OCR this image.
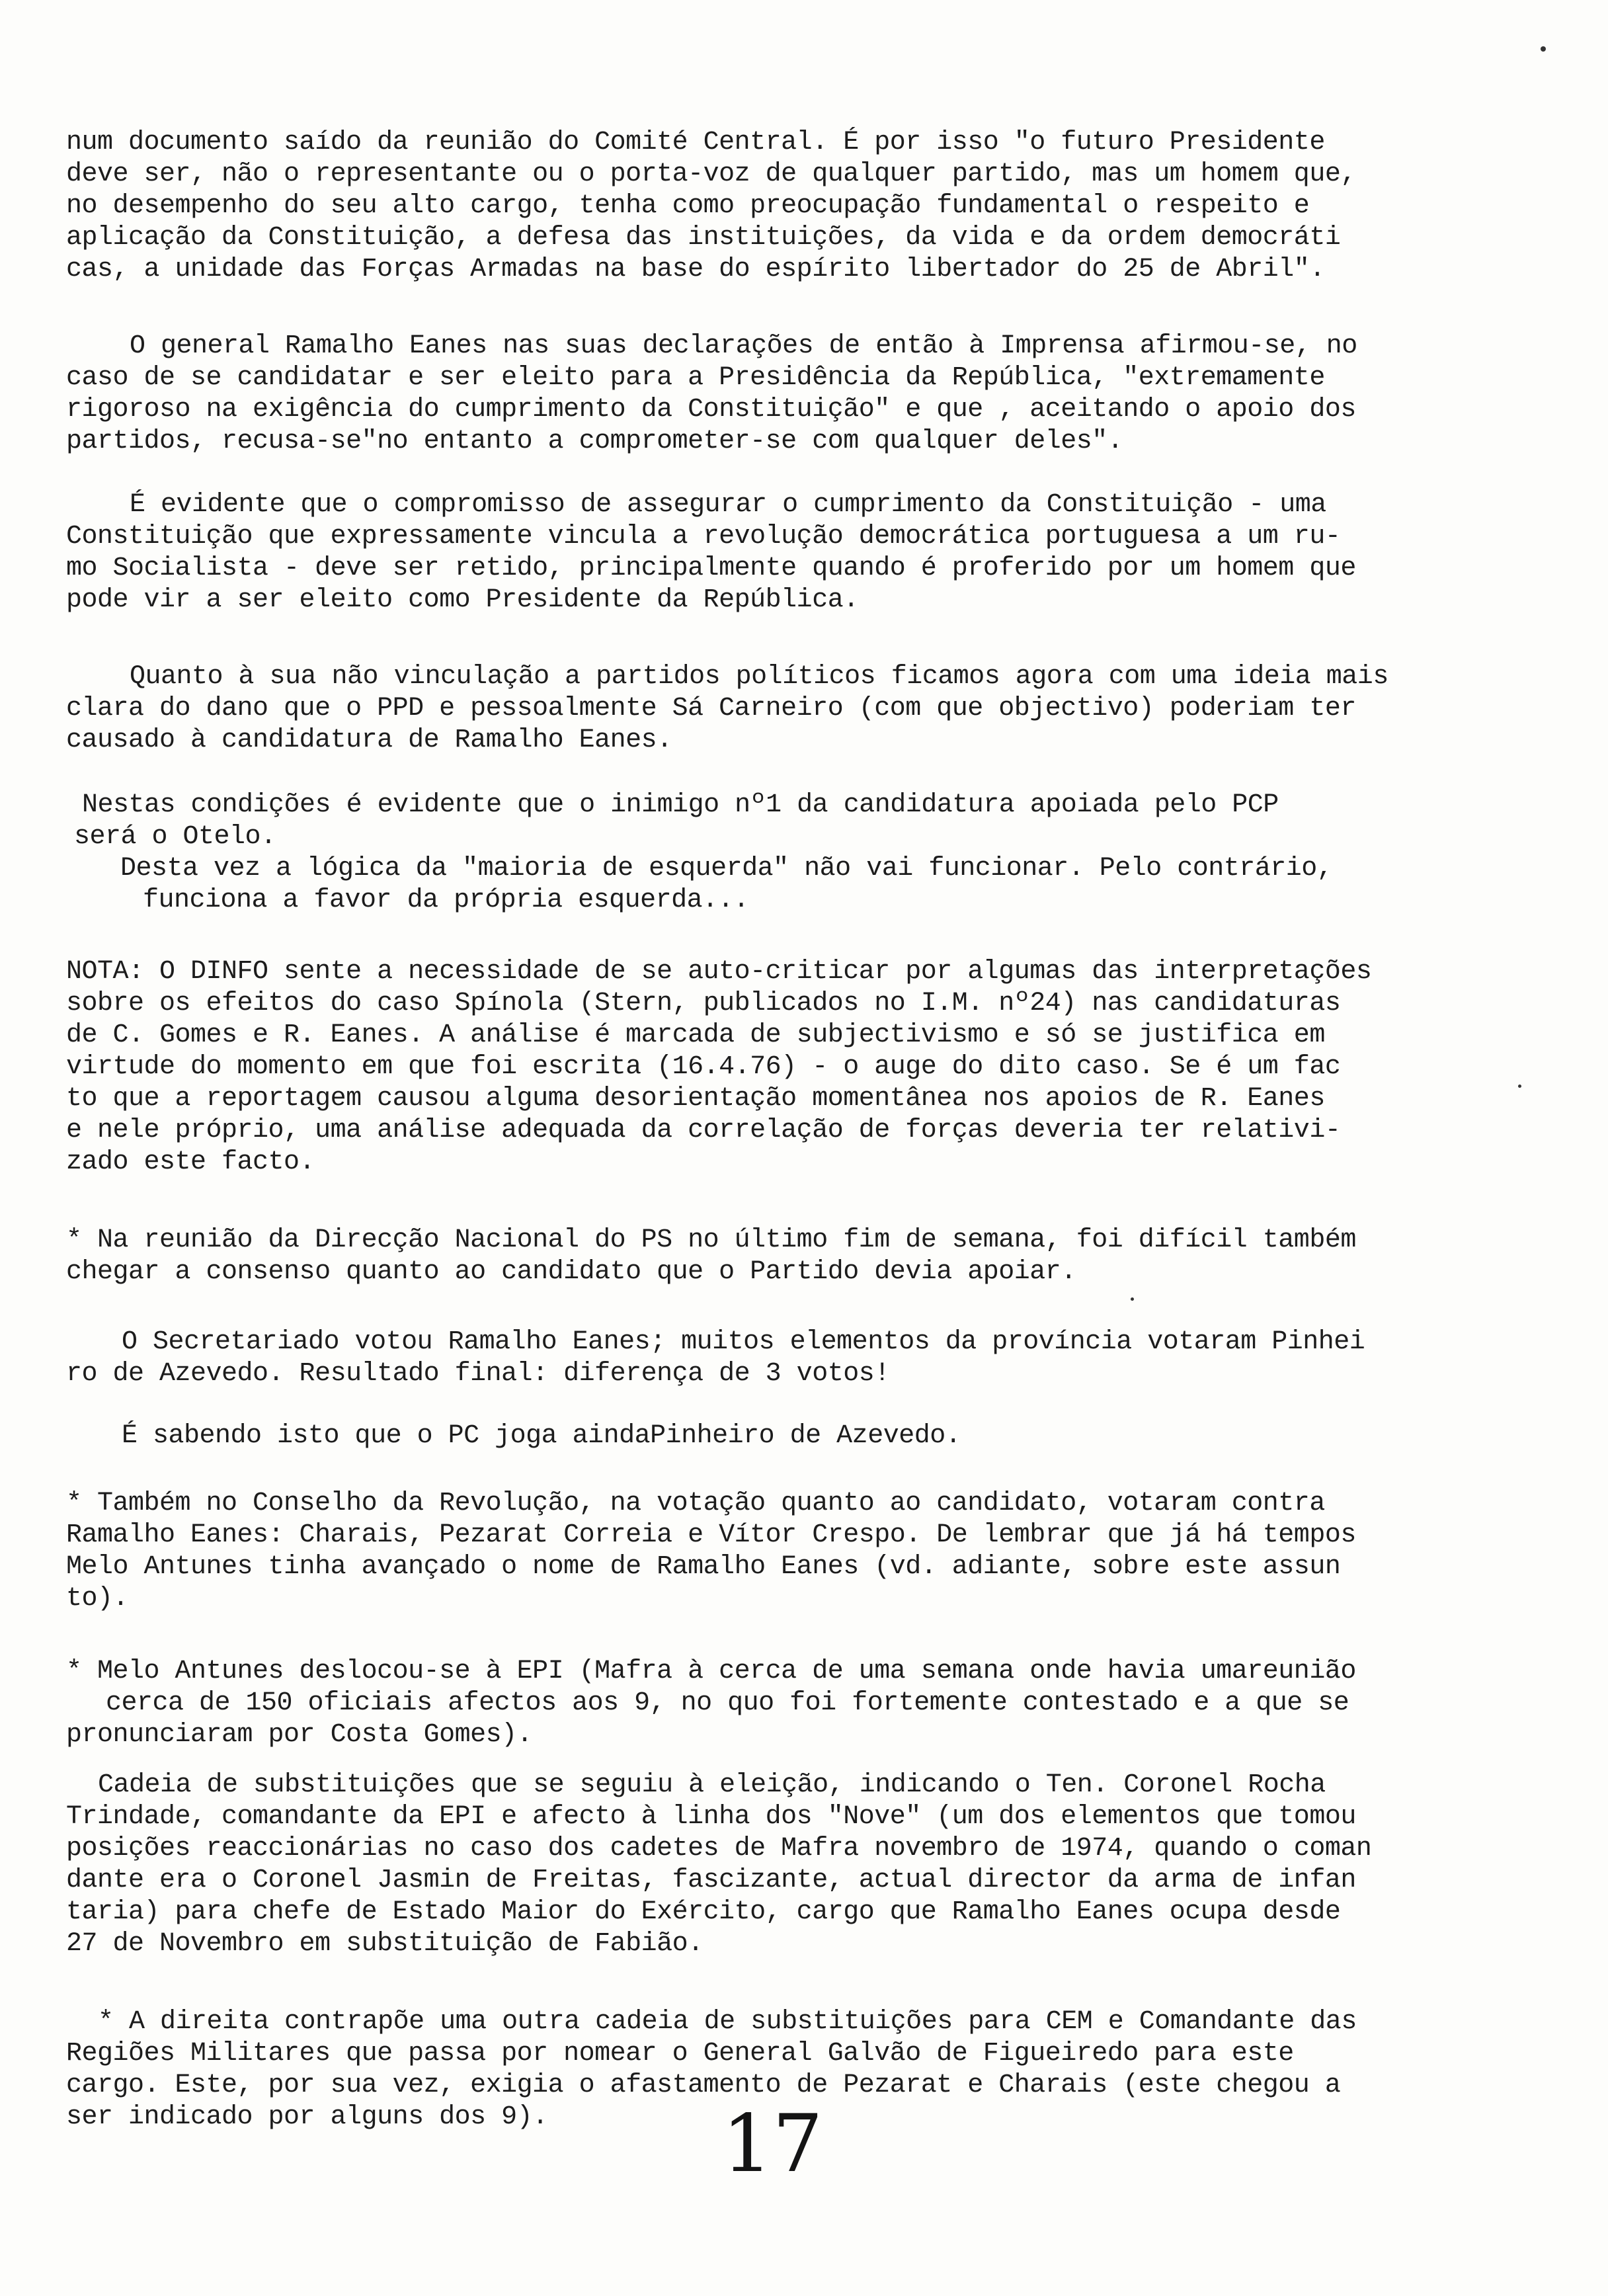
num documento saído da reunião do Comité Central. É por isso "o futuro Presidente
deve ser, não o representante ou o porta-voz de qualquer partido, mas um homem que,
no desempenho do seu alto cargo, tenha como preocupação fundamental o respeito e
aplicação da Constituição, a defesa das instituições, da vida e da ordem democráti
cas, a unidade das Forças Armadas na base do espírito libertador do 25 de Abril".
O general Ramalho Eanes nas suas declarações de então à Imprensa afirmou-se, no
caso de se candidatar e ser eleito para a Presidência da República, "extremamente
rigoroso na exigência do cumprimento da Constituição" e que , aceitando o apoio dos
partidos, recusa-se"no entanto a comprometer-se com qualquer deles".
É evidente que o compromisso de assegurar o cumprimento da Constituição - uma
Constituição que expressamente vincula a revolução democrática portuguesa a um ru-
mo Socialista - deve ser retido, principalmente quando é proferido por um homem que
pode vir a ser eleito como Presidente da República.
Quanto à sua não vinculação a partidos políticos ficamos agora com uma ideia mais
clara do dano que o PPD e pessoalmente Sá Carneiro (com que objectivo) poderiam ter
causado à candidatura de Ramalho Eanes.
Nestas condições é evidente que o inimigo nº1 da candidatura apoiada pelo PCP
será o Otelo.
Desta vez a lógica da "maioria de esquerda" não vai funcionar. Pelo contrário,
funciona a favor da própria esquerda...
NOTA: O DINFO sente a necessidade de se auto-criticar por algumas das interpretações
sobre os efeitos do caso Spínola (Stern, publicados no I.M. nº24) nas candidaturas
de C. Gomes e R. Eanes. A análise é marcada de subjectivismo e só se justifica em
virtude do momento em que foi escrita (16.4.76) - o auge do dito caso. Se é um fac
to que a reportagem causou alguma desorientação momentânea nos apoios de R. Eanes
e nele próprio, uma análise adequada da correlação de forças deveria ter relativi-
zado este facto.
* Na reunião da Direcção Nacional do PS no último fim de semana, foi difícil também
chegar a consenso quanto ao candidato que o Partido devia apoiar.
O Secretariado votou Ramalho Eanes; muitos elementos da província votaram Pinhei
ro de Azevedo. Resultado final: diferença de 3 votos!
É sabendo isto que o PC joga aindaPinheiro de Azevedo.
* Também no Conselho da Revolução, na votação quanto ao candidato, votaram contra
Ramalho Eanes: Charais, Pezarat Correia e Vítor Crespo. De lembrar que já há tempos
Melo Antunes tinha avançado o nome de Ramalho Eanes (vd. adiante, sobre este assun
to).
* Melo Antunes deslocou-se à EPI (Mafra à cerca de uma semana onde havia umareunião
cerca de 150 oficiais afectos aos 9, no quo foi fortemente contestado e a que se
pronunciaram por Costa Gomes).
Cadeia de substituições que se seguiu à eleição, indicando o Ten. Coronel Rocha
Trindade, comandante da EPI e afecto à linha dos "Nove" (um dos elementos que tomou
posições reaccionárias no caso dos cadetes de Mafra novembro de 1974, quando o coman
dante era o Coronel Jasmin de Freitas, fascizante, actual director da arma de infan
taria) para chefe de Estado Maior do Exército, cargo que Ramalho Eanes ocupa desde
27 de Novembro em substituição de Fabião.
* A direita contrapõe uma outra cadeia de substituições para CEM e Comandante das
Regiões Militares que passa por nomear o General Galvão de Figueiredo para este
cargo. Este, por sua vez, exigia o afastamento de Pezarat e Charais (este chegou a
ser indicado por alguns dos 9).	17
